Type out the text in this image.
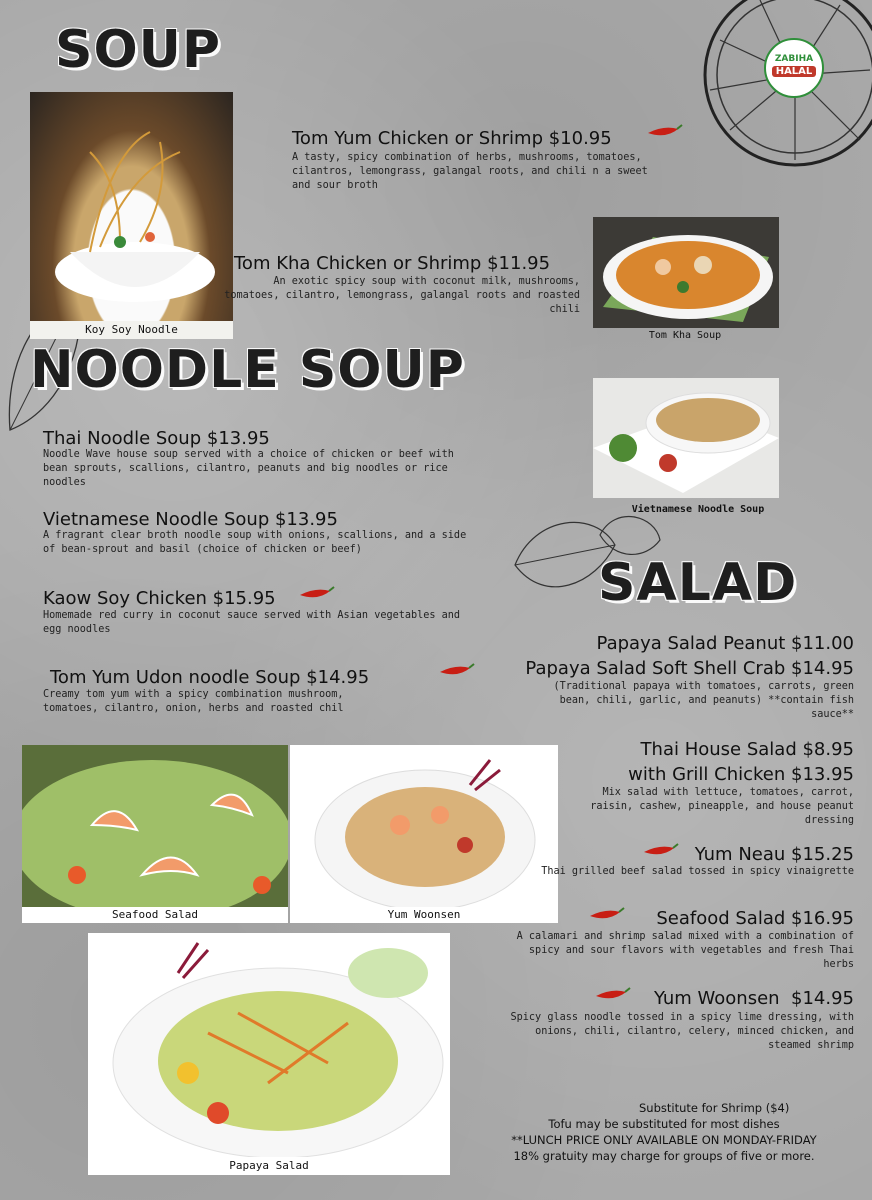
ZABIHA
HALAL
SOUP
NOODLE SOUP
SALAD
Koy Soy Noodle	Tom Kha Soup
Vietnamese Noodle Soup
Seafood Salad	Yum Woonsen
Papaya Salad
Tom Yum Chicken or Shrimp $10.95
A tasty, spicy combination of herbs, mushrooms, tomatoes, cilantros, lemongrass, galangal roots, and chili n a sweet and sour broth
Tom Kha Chicken or Shrimp $11.95
An exotic spicy soup with coconut milk, mushrooms, tomatoes, cilantro, lemongrass, galangal roots and roasted chili
Thai Noodle Soup $13.95
Noodle Wave house soup served with a choice of chicken or beef with bean sprouts, scallions, cilantro, peanuts and big noodles or rice noodles
Vietnamese Noodle Soup $13.95
A fragrant clear broth noodle soup with onions, scallions, and a side of bean-sprout and basil (choice of chicken or beef)
Kaow Soy Chicken $15.95
Homemade red curry in coconut sauce served with Asian vegetables and egg noodles
Tom Yum Udon noodle Soup $14.95
Creamy tom yum with a spicy combination mushroom, tomatoes, cilantro, onion, herbs and roasted chil
Papaya Salad Peanut $11.00
Papaya Salad Soft Shell Crab $14.95
(Traditional papaya with tomatoes, carrots, green bean, chili, garlic, and peanuts) **contain fish sauce**
Thai House Salad $8.95
with Grill Chicken $13.95
Mix salad with lettuce, tomatoes, carrot, raisin, cashew, pineapple, and house peanut dressing
Yum Neau $15.25
Thai grilled beef salad tossed in spicy vinaigrette
Seafood Salad $16.95
A calamari and shrimp salad mixed with a combination of spicy and sour flavors with vegetables and fresh Thai herbs
Yum Woonsen  $14.95
Spicy glass noodle tossed in a spicy lime dressing, with onions, chili, cilantro, celery, minced chicken, and steamed shrimp
Substitute for Shrimp ($4)
Tofu may be substituted for most dishes
**LUNCH PRICE ONLY AVAILABLE ON MONDAY-FRIDAY
18% gratuity may charge for groups of five or more.
